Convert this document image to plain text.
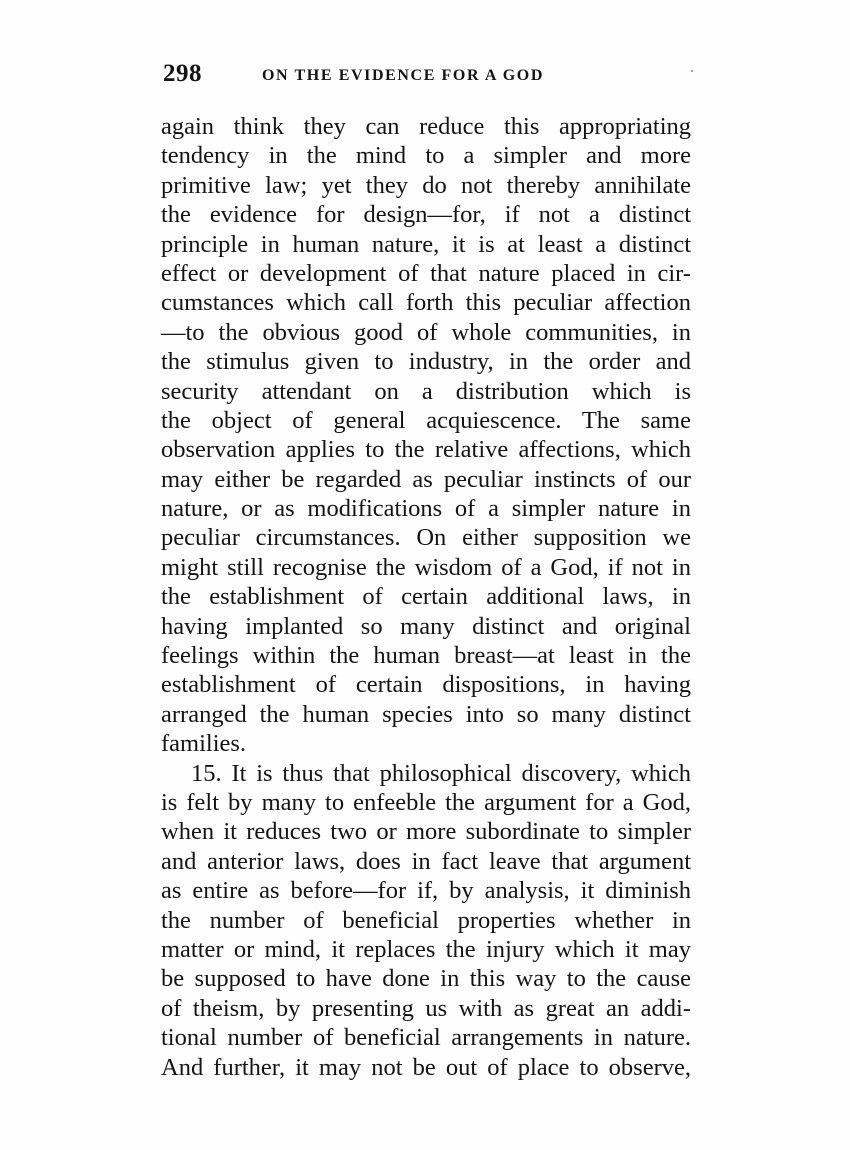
298	ON THE EVIDENCE FOR A GOD
again think they can reduce this appropriating
tendency in the mind to a simpler and more
primitive law; yet they do not thereby annihilate
the evidence for design—for, if not a distinct
principle in human nature, it is at least a distinct
effect or development of that nature placed in cir-
cumstances which call forth this peculiar affection
—to the obvious good of whole communities, in
the stimulus given to industry, in the order and
security attendant on a distribution which is
the object of general acquiescence. The same
observation applies to the relative affections, which
may either be regarded as peculiar instincts of our
nature, or as modifications of a simpler nature in
peculiar circumstances. On either supposition we
might still recognise the wisdom of a God, if not in
the establishment of certain additional laws, in
having implanted so many distinct and original
feelings within the human breast—at least in the
establishment of certain dispositions, in having
arranged the human species into so many distinct
families.
15. It is thus that philosophical discovery, which
is felt by many to enfeeble the argument for a God,
when it reduces two or more subordinate to simpler
and anterior laws, does in fact leave that argument
as entire as before—for if, by analysis, it diminish
the number of beneficial properties whether in
matter or mind, it replaces the injury which it may
be supposed to have done in this way to the cause
of theism, by presenting us with as great an addi-
tional number of beneficial arrangements in nature.
And further, it may not be out of place to observe,
